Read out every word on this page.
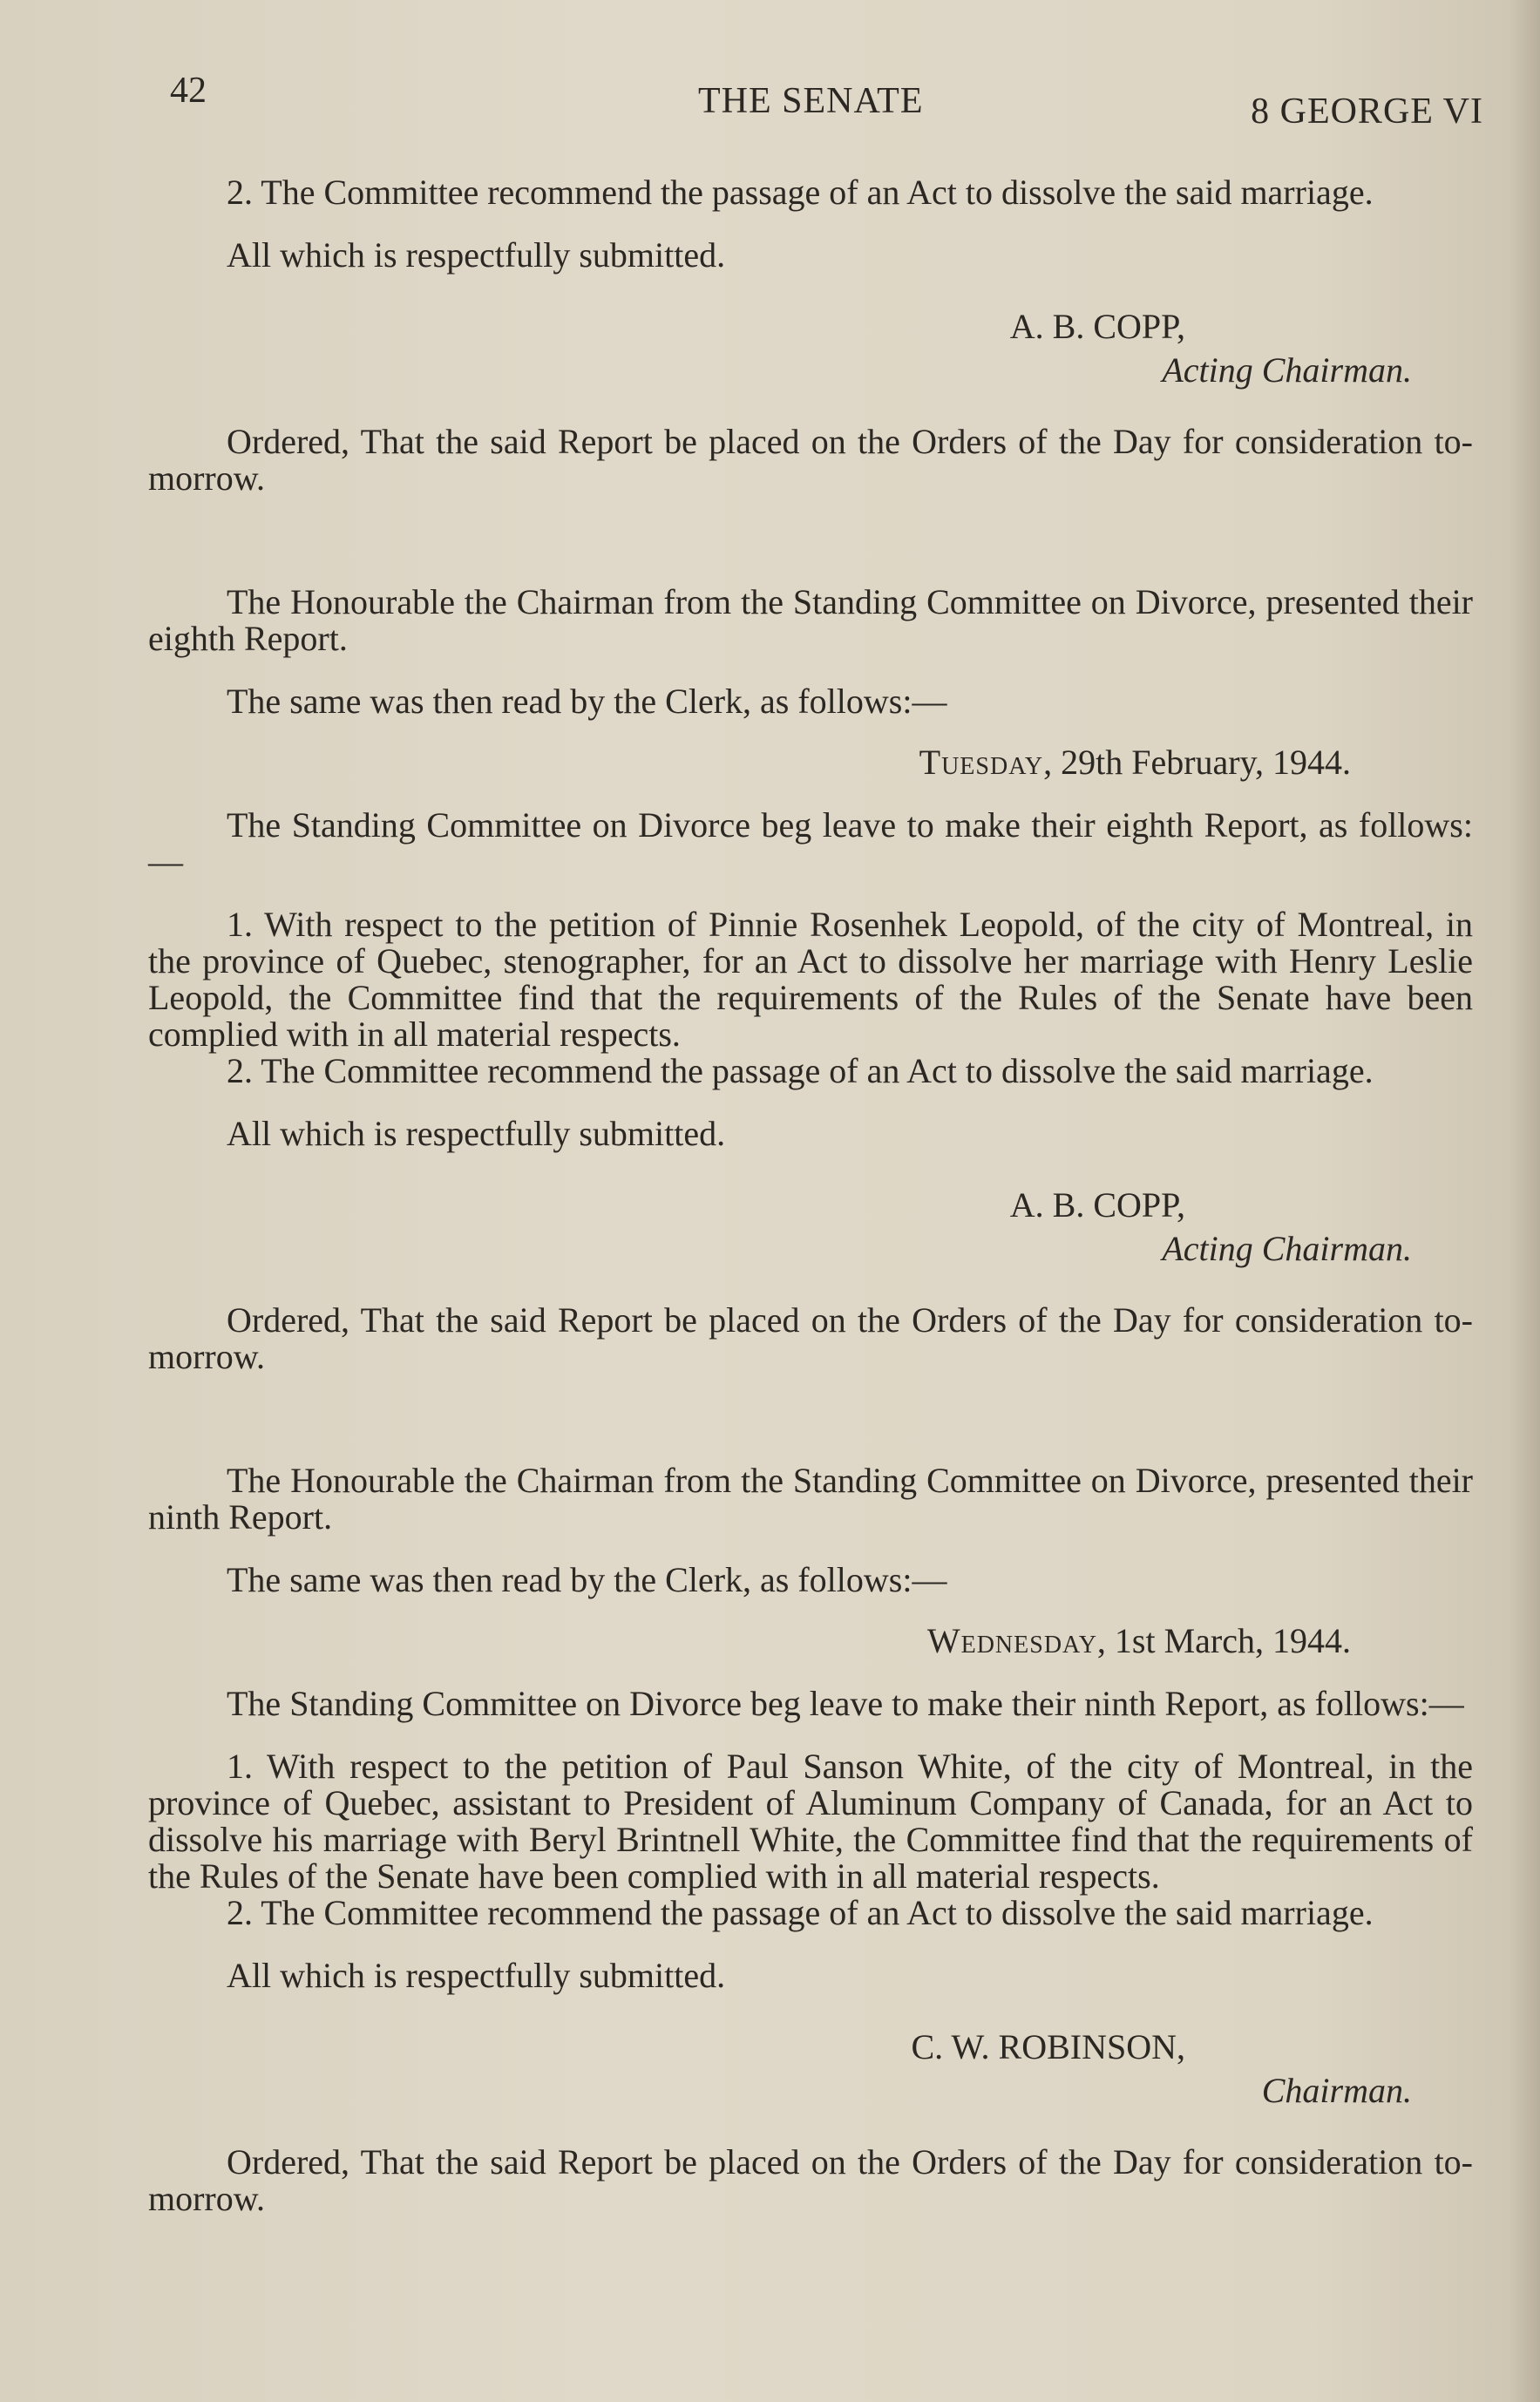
42	THE SENATE	8 GEORGE VI

2. The Committee recommend the passage of an Act to dissolve the said marriage.

All which is respectfully submitted.

A. B. COPP,

Acting Chairman.

Ordered, That the said Report be placed on the Orders of the Day for consideration to-morrow.

The Honourable the Chairman from the Standing Committee on Divorce, presented their eighth Report.

The same was then read by the Clerk, as follows:—

Tuesday, 29th February, 1944.

The Standing Committee on Divorce beg leave to make their eighth Report, as follows:—

1. With respect to the petition of Pinnie Rosenhek Leopold, of the city of Montreal, in the province of Quebec, stenographer, for an Act to dissolve her marriage with Henry Leslie Leopold, the Committee find that the requirements of the Rules of the Senate have been complied with in all material respects.

2. The Committee recommend the passage of an Act to dissolve the said marriage.

All which is respectfully submitted.

A. B. COPP,

Acting Chairman.

Ordered, That the said Report be placed on the Orders of the Day for consideration to-morrow.

The Honourable the Chairman from the Standing Committee on Divorce, presented their ninth Report.

The same was then read by the Clerk, as follows:—

Wednesday, 1st March, 1944.

The Standing Committee on Divorce beg leave to make their ninth Report, as follows:—

1. With respect to the petition of Paul Sanson White, of the city of Montreal, in the province of Quebec, assistant to President of Aluminum Company of Canada, for an Act to dissolve his marriage with Beryl Brintnell White, the Committee find that the requirements of the Rules of the Senate have been complied with in all material respects.

2. The Committee recommend the passage of an Act to dissolve the said marriage.

All which is respectfully submitted.

C. W. ROBINSON,

Chairman.

Ordered, That the said Report be placed on the Orders of the Day for consideration to-morrow.
